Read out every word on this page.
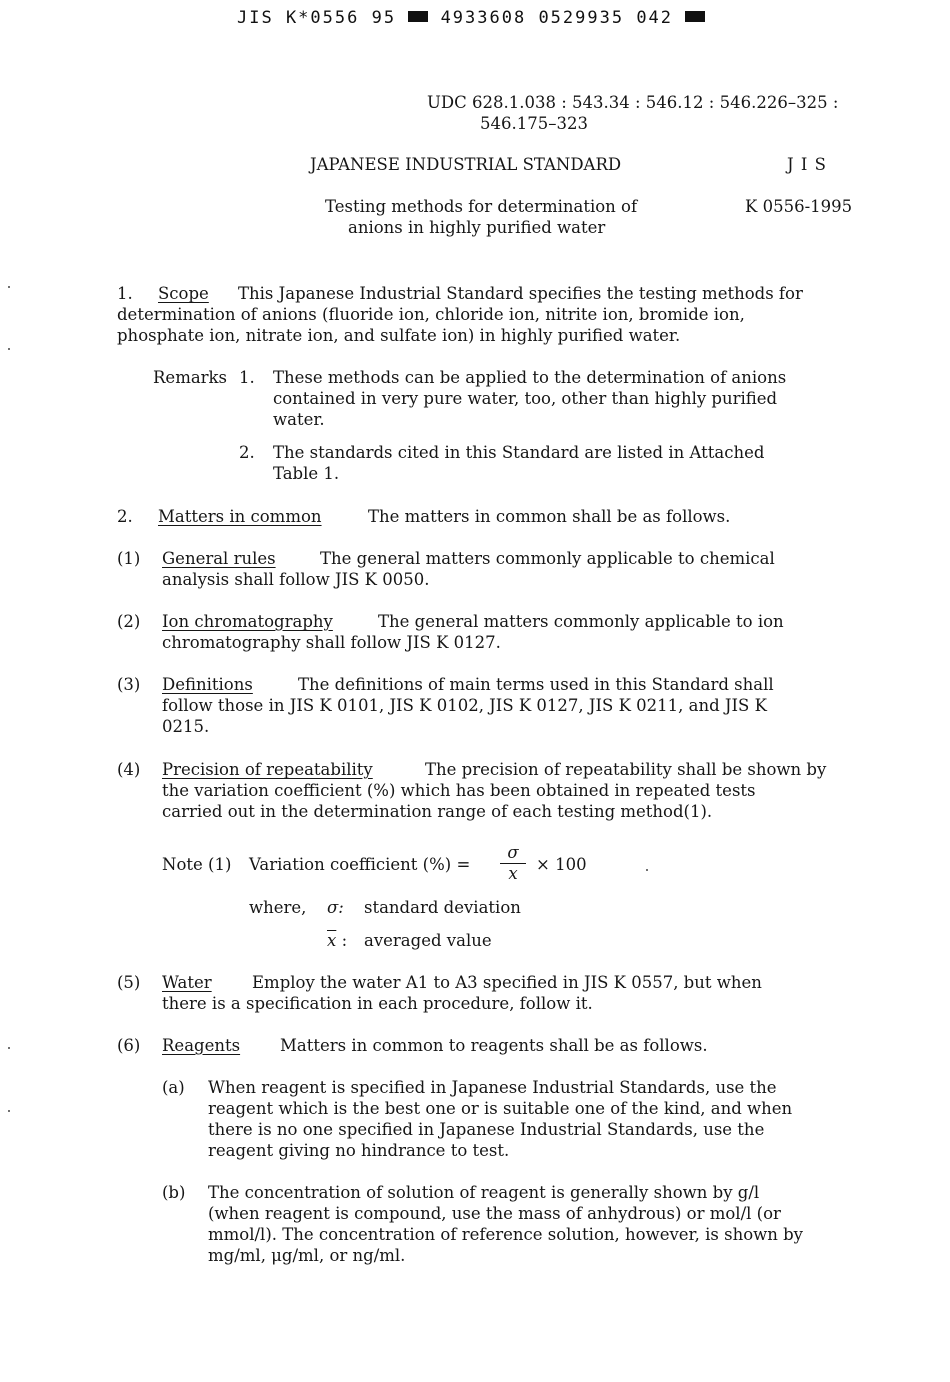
JIS K*0556 95	4933608 0529935 042
UDC 628.1.038 : 543.34 : 546.12 : 546.226–325 :
546.175–323
JAPANESE INDUSTRIAL STANDARD	J I S
Testing methods for determination of
anions in highly purified water
K 0556-1995
1. Scope This Japanese Industrial Standard specifies the testing methods for
determination of anions (fluoride ion, chloride ion, nitrite ion, bromide ion,
phosphate ion, nitrate ion, and sulfate ion) in highly purified water.
Remarks 1. These methods can be applied to the determination of anions
contained in very pure water, too, other than highly purified
water.
2. The standards cited in this Standard are listed in Attached
Table 1.
2. Matters in common	The matters in common shall be as follows.
(1) General rules	The general matters commonly applicable to chemical
analysis shall follow JIS K 0050.
(2) Ion chromatography	The general matters commonly applicable to ion
chromatography shall follow JIS K 0127.
(3) Definitions	The definitions of main terms used in this Standard shall
follow those in JIS K 0101, JIS K 0102, JIS K 0127, JIS K 0211, and JIS K
0215.
(4) Precision of repeatability	The precision of repeatability shall be shown by
the variation coefficient (%) which has been obtained in repeated tests
carried out in the determination range of each testing method(1).
Note (1) Variation coefficient (%) = $\frac{\sigma}{x} \times 100$
where, σ: standard deviation
$\overline{x}$ : averaged value
(5) Water Employ the water A1 to A3 specified in JIS K 0557, but when
there is a specification in each procedure, follow it.
(6) Reagents Matters in common to reagents shall be as follows.
(a) When reagent is specified in Japanese Industrial Standards, use the
reagent which is the best one or is suitable one of the kind, and when
there is no one specified in Japanese Industrial Standards, use the
reagent giving no hindrance to test.
(b) The concentration of solution of reagent is generally shown by g/l
(when reagent is compound, use the mass of anhydrous) or mol/l (or
mmol/l). The concentration of reference solution, however, is shown by
mg/ml, μg/ml, or ng/ml.
